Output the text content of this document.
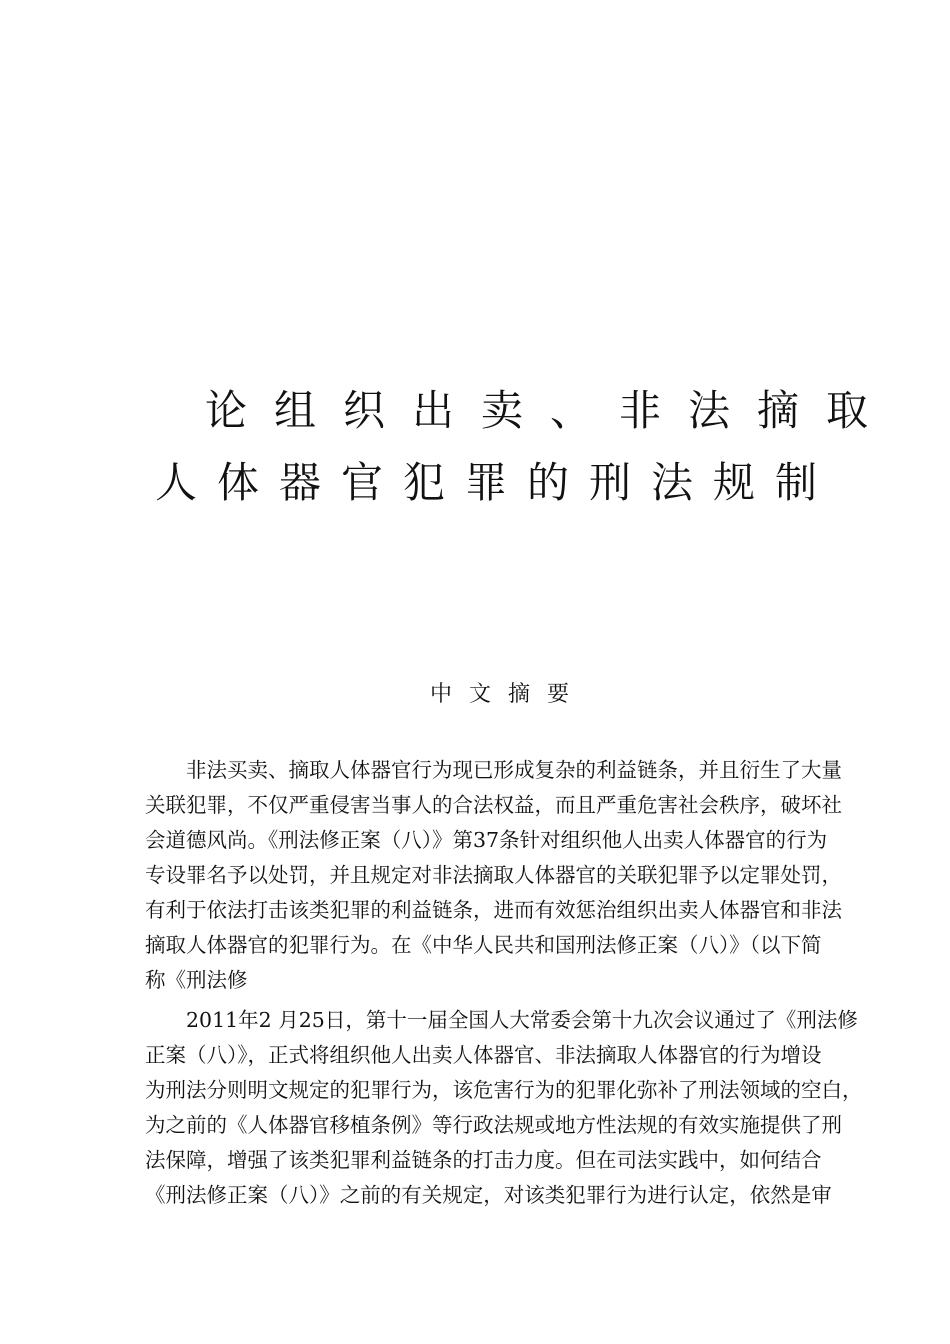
论组织出卖、非法摘取
人体器官犯罪的刑法规制
中文摘要
非法买卖、摘取人体器官行为现已形成复杂的利益链条，并且衍生了大量
关联犯罪，不仅严重侵害当事人的合法权益，而且严重危害社会秩序，破坏社
会道德风尚。《刑法修正案（八）》第37条针对组织他人出卖人体器官的行为
专设罪名予以处罚，并且规定对非法摘取人体器官的关联犯罪予以定罪处罚，
有利于依法打击该类犯罪的利益链条，进而有效惩治组织出卖人体器官和非法
摘取人体器官的犯罪行为。在《中华人民共和国刑法修正案（八）》（以下简
称《刑法修
2011年2 月25日，第十一届全国人大常委会第十九次会议通过了《刑法修
正案（八）》，正式将组织他人出卖人体器官、非法摘取人体器官的行为增设
为刑法分则明文规定的犯罪行为，该危害行为的犯罪化弥补了刑法领域的空白，
为之前的《人体器官移植条例》等行政法规或地方性法规的有效实施提供了刑
法保障，增强了该类犯罪利益链条的打击力度。但在司法实践中，如何结合
《刑法修正案（八）》之前的有关规定，对该类犯罪行为进行认定，依然是审
